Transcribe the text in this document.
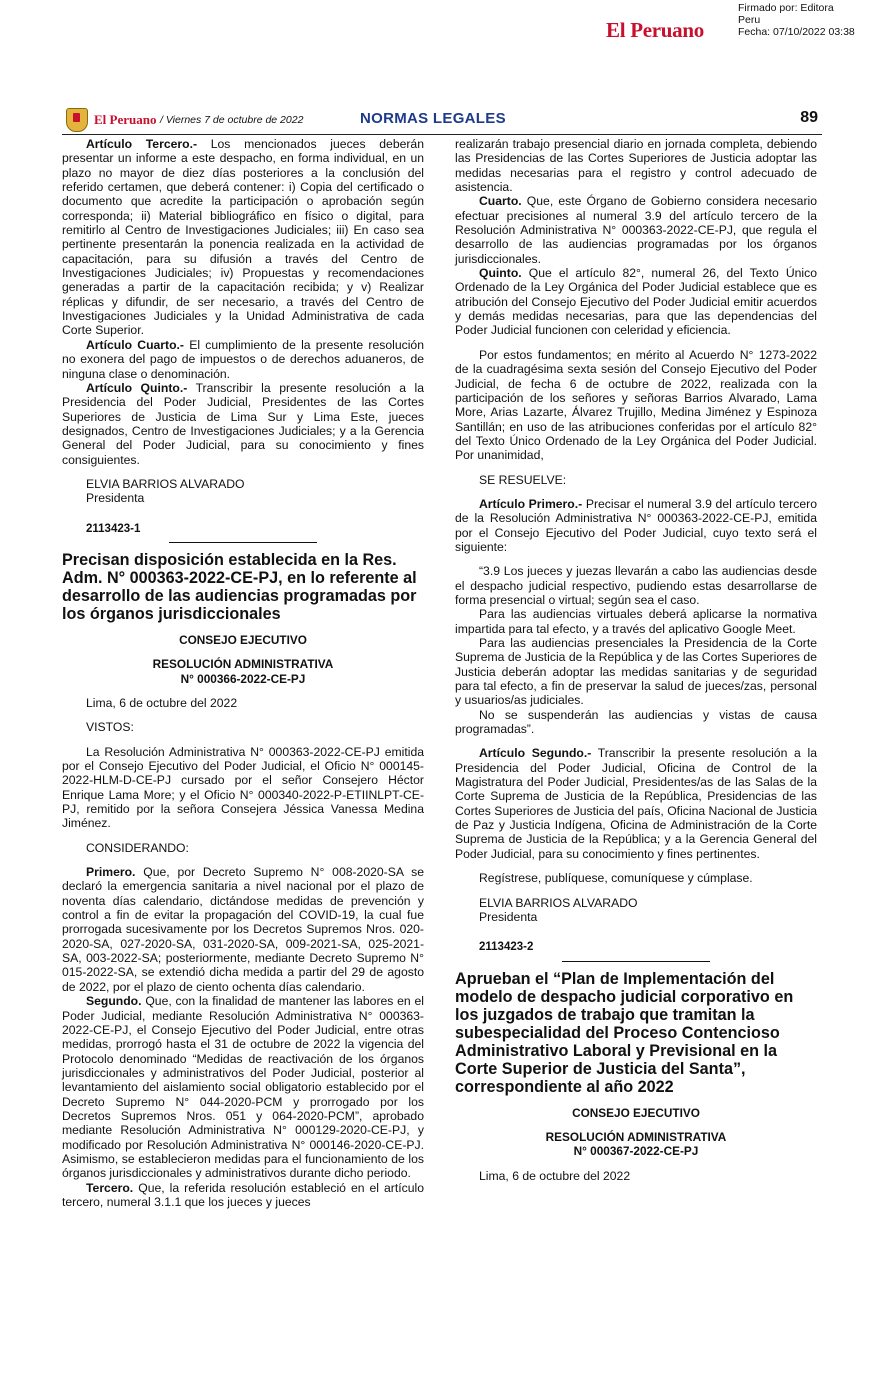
El Peruano
Firmado por: Editora
Peru
Fecha: 07/10/2022 03:38
El Peruano / Viernes 7 de octubre de 2022	NORMAS LEGALES	89

Artículo Tercero.- Los mencionados jueces deberán presentar un informe a este despacho, en forma individual, en un plazo no mayor de diez días posteriores a la conclusión del referido certamen, que deberá contener: i) Copia del certificado o documento que acredite la participación o aprobación según corresponda; ii) Material bibliográfico en físico o digital, para remitirlo al Centro de Investigaciones Judiciales; iii) En caso sea pertinente presentarán la ponencia realizada en la actividad de capacitación, para su difusión a través del Centro de Investigaciones Judiciales; iv) Propuestas y recomendaciones generadas a partir de la capacitación recibida; y v) Realizar réplicas y difundir, de ser necesario, a través del Centro de Investigaciones Judiciales y la Unidad Administrativa de cada Corte Superior.

Artículo Cuarto.- El cumplimiento de la presente resolución no exonera del pago de impuestos o de derechos aduaneros, de ninguna clase o denominación.

Artículo Quinto.- Transcribir la presente resolución a la Presidencia del Poder Judicial, Presidentes de las Cortes Superiores de Justicia de Lima Sur y Lima Este, jueces designados, Centro de Investigaciones Judiciales; y a la Gerencia General del Poder Judicial, para su conocimiento y fines consiguientes.

ELVIA BARRIOS ALVARADO
Presidenta
2113423-1

Precisan disposición establecida en la Res. Adm. N° 000363-2022-CE-PJ, en lo referente al desarrollo de las audiencias programadas por los órganos jurisdiccionales

CONSEJO EJECUTIVO

RESOLUCIÓN ADMINISTRATIVA

N° 000366-2022-CE-PJ

Lima, 6 de octubre del 2022
VISTOS:

La Resolución Administrativa N° 000363-2022-CE-PJ emitida por el Consejo Ejecutivo del Poder Judicial, el Oficio N° 000145-2022-HLM-D-CE-PJ cursado por el señor Consejero Héctor Enrique Lama More; y el Oficio N° 000340-2022-P-ETIINLPT-CE-PJ, remitido por la señora Consejera Jéssica Vanessa Medina Jiménez.

CONSIDERANDO:

Primero. Que, por Decreto Supremo N° 008-2020-SA se declaró la emergencia sanitaria a nivel nacional por el plazo de noventa días calendario, dictándose medidas de prevención y control a fin de evitar la propagación del COVID-19, la cual fue prorrogada sucesivamente por los Decretos Supremos Nros. 020-2020-SA, 027-2020-SA, 031-2020-SA, 009-2021-SA, 025-2021-SA, 003-2022-SA; posteriormente, mediante Decreto Supremo N° 015-2022-SA, se extendió dicha medida a partir del 29 de agosto de 2022, por el plazo de ciento ochenta días calendario.

Segundo. Que, con la finalidad de mantener las labores en el Poder Judicial, mediante Resolución Administrativa N° 000363-2022-CE-PJ, el Consejo Ejecutivo del Poder Judicial, entre otras medidas, prorrogó hasta el 31 de octubre de 2022 la vigencia del Protocolo denominado “Medidas de reactivación de los órganos jurisdiccionales y administrativos del Poder Judicial, posterior al levantamiento del aislamiento social obligatorio establecido por el Decreto Supremo N° 044-2020-PCM y prorrogado por los Decretos Supremos Nros. 051 y 064-2020-PCM”, aprobado mediante Resolución Administrativa N° 000129-2020-CE-PJ, y modificado por Resolución Administrativa N° 000146-2020-CE-PJ. Asimismo, se establecieron medidas para el funcionamiento de los órganos jurisdiccionales y administrativos durante dicho periodo.

Tercero. Que, la referida resolución estableció en el artículo tercero, numeral 3.1.1 que los jueces y jueces

realizarán trabajo presencial diario en jornada completa, debiendo las Presidencias de las Cortes Superiores de Justicia adoptar las medidas necesarias para el registro y control adecuado de asistencia.

Cuarto. Que, este Órgano de Gobierno considera necesario efectuar precisiones al numeral 3.9 del artículo tercero de la Resolución Administrativa N° 000363-2022-CE-PJ, que regula el desarrollo de las audiencias programadas por los órganos jurisdiccionales.

Quinto. Que el artículo 82°, numeral 26, del Texto Único Ordenado de la Ley Orgánica del Poder Judicial establece que es atribución del Consejo Ejecutivo del Poder Judicial emitir acuerdos y demás medidas necesarias, para que las dependencias del Poder Judicial funcionen con celeridad y eficiencia.

Por estos fundamentos; en mérito al Acuerdo N° 1273-2022 de la cuadragésima sexta sesión del Consejo Ejecutivo del Poder Judicial, de fecha 6 de octubre de 2022, realizada con la participación de los señores y señoras Barrios Alvarado, Lama More, Arias Lazarte, Álvarez Trujillo, Medina Jiménez y Espinoza Santillán; en uso de las atribuciones conferidas por el artículo 82° del Texto Único Ordenado de la Ley Orgánica del Poder Judicial. Por unanimidad,

SE RESUELVE:

Artículo Primero.- Precisar el numeral 3.9 del artículo tercero de la Resolución Administrativa N° 000363-2022-CE-PJ, emitida por el Consejo Ejecutivo del Poder Judicial, cuyo texto será el siguiente:

“3.9 Los jueces y juezas llevarán a cabo las audiencias desde el despacho judicial respectivo, pudiendo estas desarrollarse de forma presencial o virtual; según sea el caso.

Para las audiencias virtuales deberá aplicarse la normativa impartida para tal efecto, y a través del aplicativo Google Meet.

Para las audiencias presenciales la Presidencia de la Corte Suprema de Justicia de la República y de las Cortes Superiores de Justicia deberán adoptar las medidas sanitarias y de seguridad para tal efecto, a fin de preservar la salud de jueces/zas, personal y usuarios/as judiciales.

No se suspenderán las audiencias y vistas de causa programadas”.

Artículo Segundo.- Transcribir la presente resolución a la Presidencia del Poder Judicial, Oficina de Control de la Magistratura del Poder Judicial, Presidentes/as de las Salas de la Corte Suprema de Justicia de la República, Presidencias de las Cortes Superiores de Justicia del país, Oficina Nacional de Justicia de Paz y Justicia Indígena, Oficina de Administración de la Corte Suprema de Justicia de la República; y a la Gerencia General del Poder Judicial, para su conocimiento y fines pertinentes.

Regístrese, publíquese, comuníquese y cúmplase.

ELVIA BARRIOS ALVARADO
Presidenta
2113423-2

Aprueban el “Plan de Implementación del modelo de despacho judicial corporativo en los juzgados de trabajo que tramitan la subespecialidad del Proceso Contencioso Administrativo Laboral y Previsional en la Corte Superior de Justicia del Santa”, correspondiente al año 2022

CONSEJO EJECUTIVO

RESOLUCIÓN ADMINISTRATIVA

N° 000367-2022-CE-PJ

Lima, 6 de octubre del 2022
